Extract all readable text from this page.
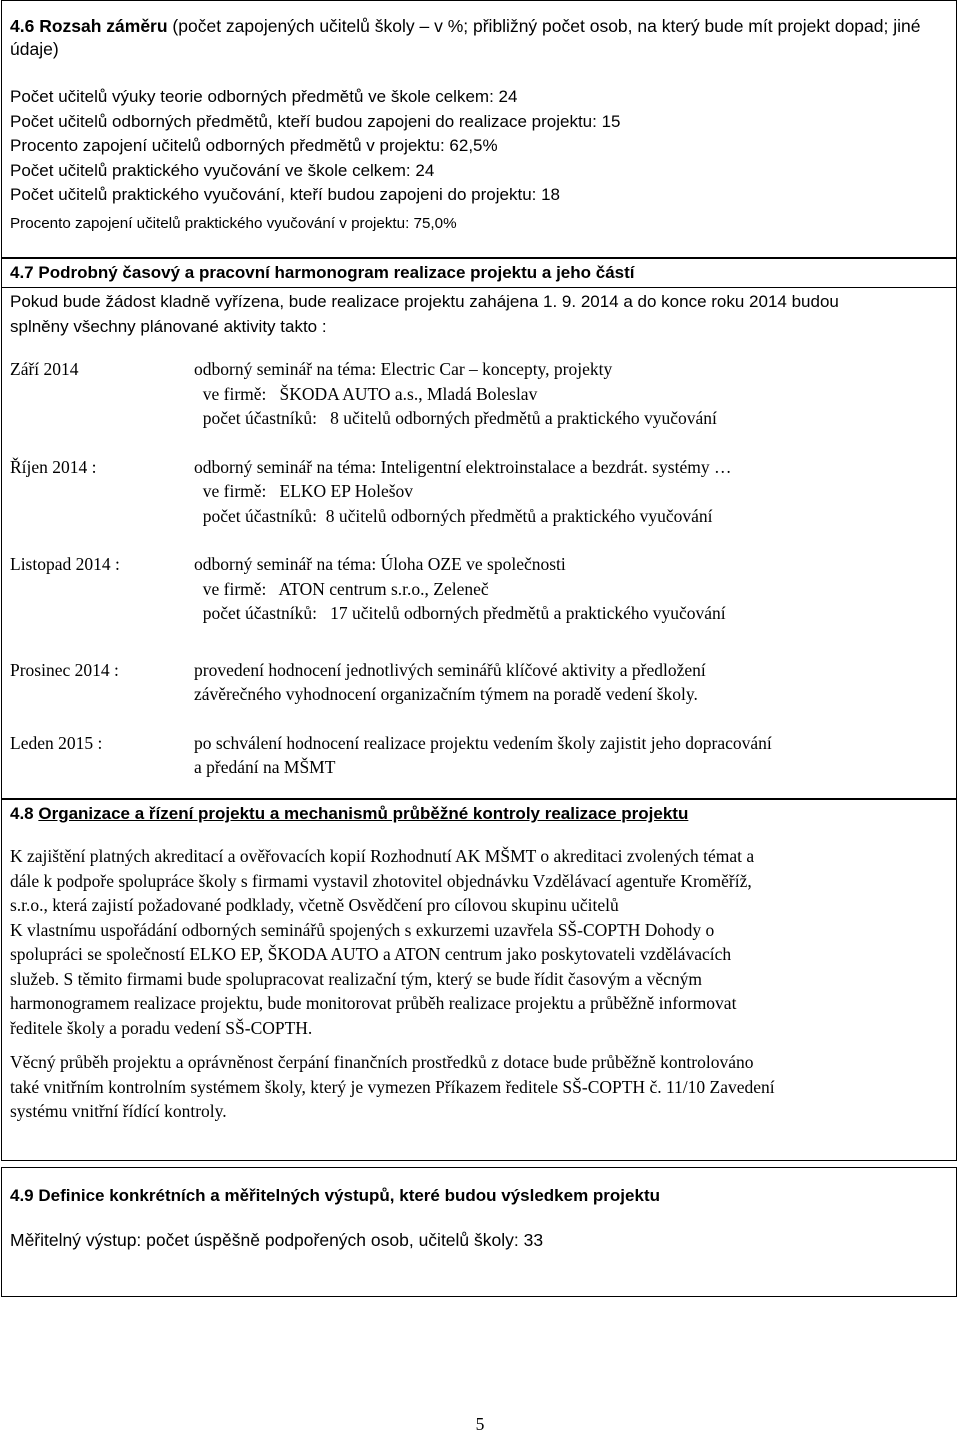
4.6 Rozsah záměru (počet zapojených učitelů školy – v %; přibližný počet osob, na který bude mít projekt dopad; jiné údaje)

Počet učitelů výuky teorie odborných předmětů ve škole celkem: 24

Počet učitelů odborných předmětů, kteří budou zapojeni do realizace projektu: 15

Procento zapojení učitelů odborných předmětů v projektu: 62,5%

Počet učitelů praktického vyučování ve škole celkem: 24

Počet učitelů praktického vyučování, kteří budou zapojeni do projektu: 18

Procento zapojení učitelů praktického vyučování v projektu: 75,0%

4.7 Podrobný časový a pracovní harmonogram realizace projektu a jeho částí

Pokud bude žádost kladně vyřízena, bude realizace projektu zahájena 1. 9. 2014 a do konce roku 2014 budou

splněny všechny plánované aktivity takto :

Září 2014	odborný seminář na téma: Electric Car – koncepty, projekty

ve firmě:   ŠKODA AUTO a.s., Mladá Boleslav

počet účastníků:   8 učitelů odborných předmětů a praktického vyučování

Říjen 2014 :	odborný seminář na téma: Inteligentní elektroinstalace a bezdrát. systémy …

ve firmě:   ELKO EP Holešov

počet účastníků:  8 učitelů odborných předmětů a praktického vyučování

Listopad 2014 :	odborný seminář na téma: Úloha OZE ve společnosti

ve firmě:   ATON centrum s.r.o., Zeleneč

počet účastníků:   17 učitelů odborných předmětů a praktického vyučování

Prosinec 2014 :	provedení hodnocení jednotlivých seminářů klíčové aktivity a předložení

závěrečného vyhodnocení organizačním týmem na poradě vedení školy.

Leden 2015 :	po schválení hodnocení realizace projektu vedením školy zajistit jeho dopracování

a předání na MŠMT

4.8 Organizace a řízení projektu a mechanismů průběžné kontroly realizace projektu

K zajištění platných akreditací a ověřovacích kopií Rozhodnutí AK MŠMT o akreditaci zvolených témat a

dále k podpoře spolupráce školy s firmami vystavil zhotovitel objednávku Vzdělávací agentuře Kroměříž,

s.r.o., která zajistí požadované podklady, včetně Osvědčení pro cílovou skupinu učitelů

K vlastnímu uspořádání odborných seminářů spojených s exkurzemi uzavřela SŠ-COPTH Dohody o

spolupráci se společností ELKO EP, ŠKODA AUTO a ATON centrum jako poskytovateli vzdělávacích

služeb. S těmito firmami bude spolupracovat realizační tým, který se bude řídit časovým a věcným

harmonogramem realizace projektu, bude monitorovat průběh realizace projektu a průběžně informovat

ředitele školy a poradu vedení SŠ-COPTH.

Věcný průběh projektu a oprávněnost čerpání finančních prostředků z dotace bude průběžně kontrolováno

také vnitřním kontrolním systémem školy, který je vymezen Příkazem ředitele SŠ-COPTH č. 11/10 Zavedení

systému vnitřní řídící kontroly.

4.9 Definice konkrétních a měřitelných výstupů, které budou výsledkem projektu

Měřitelný výstup: počet úspěšně podpořených osob, učitelů školy: 33

5
